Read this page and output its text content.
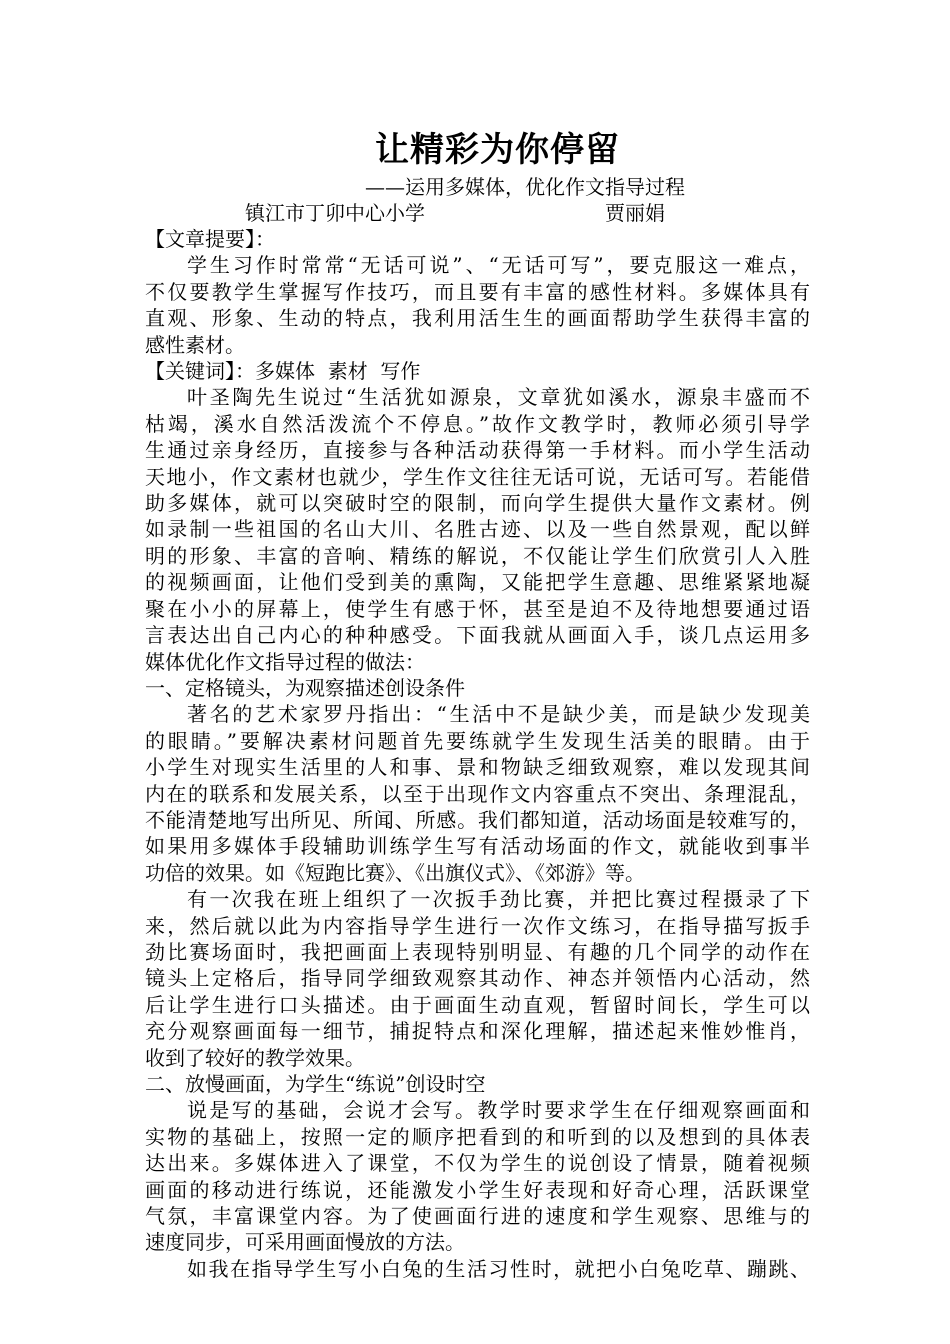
让精彩为你停留
——运用多媒体，优化作文指导过程
镇江市丁卯中心小学	贾丽娟
【文章提要】：
学生习作时常常“无话可说”、“无话可写”，要克服这一难点，
不仅要教学生掌握写作技巧，而且要有丰富的感性材料。多媒体具有
直观、形象、生动的特点，我利用活生生的画面帮助学生获得丰富的
感性素材。
【关键词】：多媒体  素材  写作
叶圣陶先生说过“生活犹如源泉，文章犹如溪水，源泉丰盛而不
枯竭，溪水自然活泼流个不停息。”故作文教学时，教师必须引导学
生通过亲身经历，直接参与各种活动获得第一手材料。而小学生活动
天地小，作文素材也就少，学生作文往往无话可说，无话可写。若能借
助多媒体，就可以突破时空的限制，而向学生提供大量作文素材。例
如录制一些祖国的名山大川、名胜古迹、以及一些自然景观，配以鲜
明的形象、丰富的音响、精练的解说，不仅能让学生们欣赏引人入胜
的视频画面，让他们受到美的熏陶，又能把学生意趣、思维紧紧地凝
聚在小小的屏幕上，使学生有感于怀，甚至是迫不及待地想要通过语
言表达出自己内心的种种感受。下面我就从画面入手，谈几点运用多
媒体优化作文指导过程的做法：
一、定格镜头，为观察描述创设条件
著名的艺术家罗丹指出：“生活中不是缺少美，而是缺少发现美
的眼睛。”要解决素材问题首先要练就学生发现生活美的眼睛。由于
小学生对现实生活里的人和事、景和物缺乏细致观察，难以发现其间
内在的联系和发展关系，以至于出现作文内容重点不突出、条理混乱，
不能清楚地写出所见、所闻、所感。我们都知道，活动场面是较难写的，
如果用多媒体手段辅助训练学生写有活动场面的作文，就能收到事半
功倍的效果。如《短跑比赛》、《出旗仪式》、《郊游》等。
有一次我在班上组织了一次扳手劲比赛，并把比赛过程摄录了下
来，然后就以此为内容指导学生进行一次作文练习，在指导描写扳手
劲比赛场面时，我把画面上表现特别明显、有趣的几个同学的动作在
镜头上定格后，指导同学细致观察其动作、神态并领悟内心活动，然
后让学生进行口头描述。由于画面生动直观，暂留时间长，学生可以
充分观察画面每一细节，捕捉特点和深化理解，描述起来惟妙惟肖，
收到了较好的教学效果。
二、放慢画面，为学生“练说”创设时空
说是写的基础，会说才会写。教学时要求学生在仔细观察画面和
实物的基础上，按照一定的顺序把看到的和听到的以及想到的具体表
达出来。多媒体进入了课堂，不仅为学生的说创设了情景，随着视频
画面的移动进行练说，还能激发小学生好表现和好奇心理，活跃课堂
气氛，丰富课堂内容。为了使画面行进的速度和学生观察、思维与的
速度同步，可采用画面慢放的方法。
如我在指导学生写小白兔的生活习性时，就把小白兔吃草、蹦跳、
